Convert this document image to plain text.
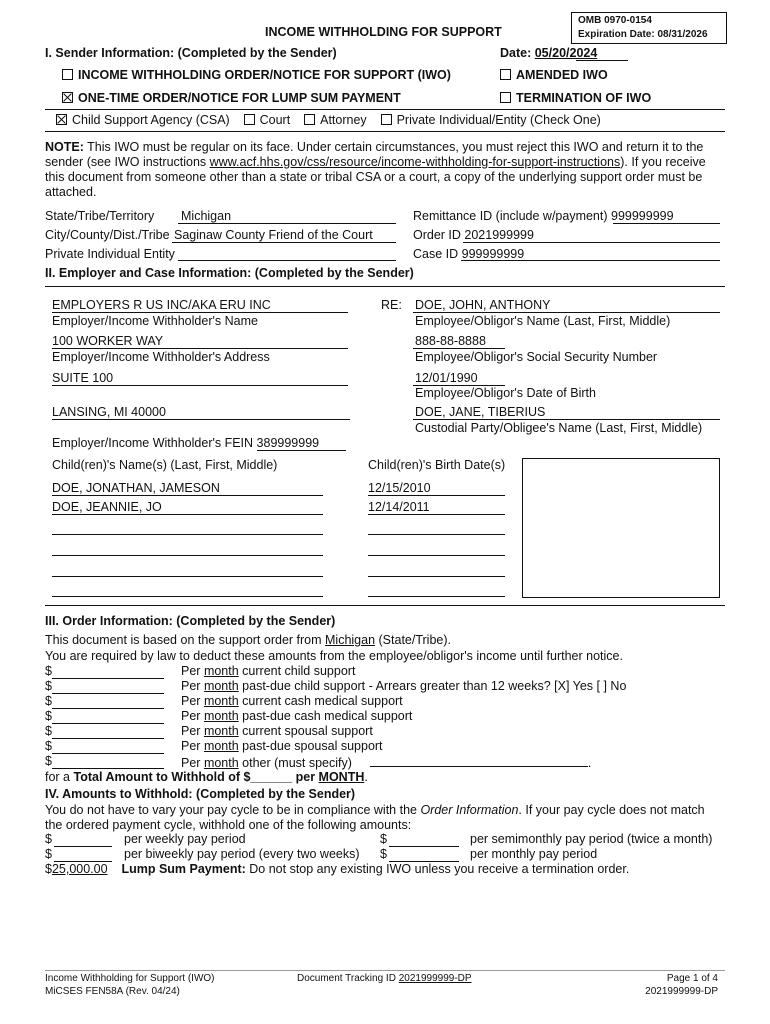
OMB 0970-0154
Expiration Date: 08/31/2026
INCOME WITHHOLDING FOR SUPPORT
I. Sender Information: (Completed by the Sender)	Date: 05/20/2024
INCOME WITHHOLDING ORDER/NOTICE FOR SUPPORT (IWO)	AMENDED IWO
ONE-TIME ORDER/NOTICE FOR LUMP SUM PAYMENT	TERMINATION OF IWO
Child Support Agency (CSA) Court Attorney Private Individual/Entity (Check One)
NOTE: This IWO must be regular on its face. Under certain circumstances, you must reject this IWO and return it to the
sender (see IWO instructions www.acf.hhs.gov/css/resource/income-withholding-for-support-instructions). If you receive
this document from someone other than a state or tribal CSA or a court, a copy of the underlying support order must be
attached.
State/Tribe/Territory Michigan
City/County/Dist./Tribe Saginaw County Friend of the Court
Private Individual Entity
Remittance ID (include w/payment) 999999999
Order ID 2021999999
Case ID 999999999
II. Employer and Case Information: (Completed by the Sender)
EMPLOYERS R US INC/AKA ERU INC
Employer/Income Withholder's Name
100 WORKER WAY
Employer/Income Withholder's Address
SUITE 100
LANSING, MI 40000
Employer/Income Withholder's FEIN 389999999
RE: DOE, JOHN, ANTHONY
Employee/Obligor's Name (Last, First, Middle)
888-88-8888
Employee/Obligor's Social Security Number
12/01/1990
Employee/Obligor's Date of Birth
DOE, JANE, TIBERIUS
Custodial Party/Obligee's Name (Last, First, Middle)
Child(ren)'s Name(s) (Last, First, Middle)	Child(ren)'s Birth Date(s)
DOE, JONATHAN, JAMESON	12/15/2010
DOE, JEANNIE, JO	12/14/2011
III. Order Information: (Completed by the Sender)
This document is based on the support order from Michigan (State/Tribe).
You are required by law to deduct these amounts from the employee/obligor's income until further notice.
$	Per month current child support
$	Per month past-due child support - Arrears greater than 12 weeks? [X] Yes [ ] No
$	Per month current cash medical support
$	Per month past-due cash medical support
$	Per month current spousal support
$	Per month past-due spousal support
$	Per month other (must specify)	.
for a Total Amount to Withhold of $______ per MONTH.
IV. Amounts to Withhold: (Completed by the Sender)
You do not have to vary your pay cycle to be in compliance with the Order Information. If your pay cycle does not match
the ordered payment cycle, withhold one of the following amounts:
$	per weekly pay period	$	per semimonthly pay period (twice a month)
$	per biweekly pay period (every two weeks) $	per monthly pay period
$25,000.00 Lump Sum Payment: Do not stop any existing IWO unless you receive a termination order.
Income Withholding for Support (IWO)
MiCSES FEN58A (Rev. 04/24)
Document Tracking ID 2021999999-DP	Page 1 of 4
2021999999-DP
